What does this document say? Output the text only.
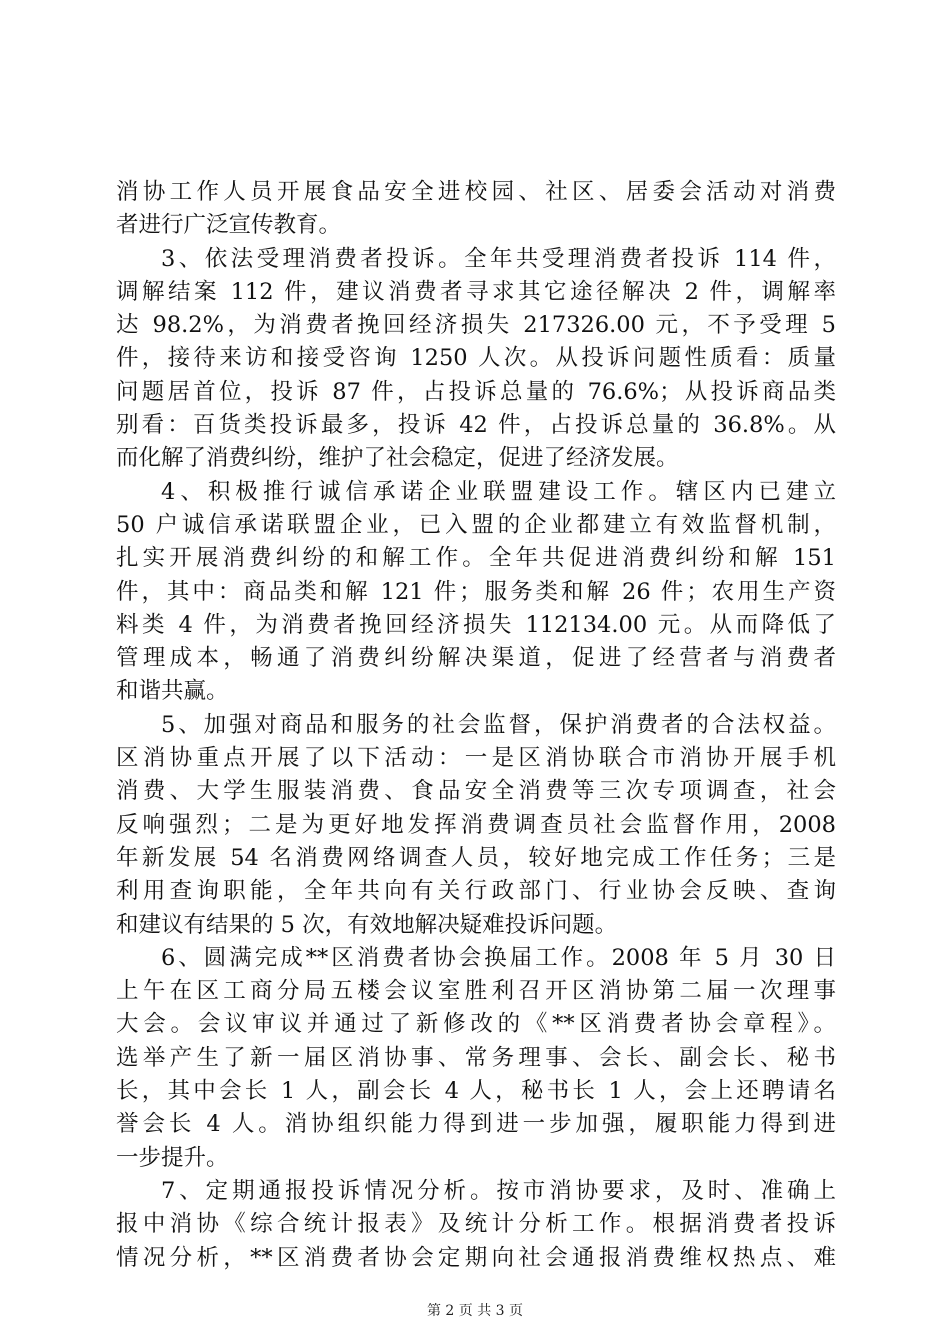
消协工作人员开展食品安全进校园、社区、居委会活动对消费
者进行广泛宣传教育。
3、依法受理消费者投诉。全年共受理消费者投诉 114 件，
调解结案 112 件，建议消费者寻求其它途径解决 2 件，调解率
达 98.2%，为消费者挽回经济损失 217326.00 元，不予受理 5
件，接待来访和接受咨询 1250 人次。从投诉问题性质看：质量
问题居首位，投诉 87 件，占投诉总量的 76.6%；从投诉商品类
别看：百货类投诉最多，投诉 42 件，占投诉总量的 36.8%。从
而化解了消费纠纷，维护了社会稳定，促进了经济发展。
4、积极推行诚信承诺企业联盟建设工作。辖区内已建立
50 户诚信承诺联盟企业，已入盟的企业都建立有效监督机制，
扎实开展消费纠纷的和解工作。全年共促进消费纠纷和解 151
件，其中：商品类和解 121 件；服务类和解 26 件；农用生产资
料类 4 件，为消费者挽回经济损失 112134.00 元。从而降低了
管理成本，畅通了消费纠纷解决渠道，促进了经营者与消费者
和谐共赢。
5、加强对商品和服务的社会监督，保护消费者的合法权益。
区消协重点开展了以下活动：一是区消协联合市消协开展手机
消费、大学生服装消费、食品安全消费等三次专项调查，社会
反响强烈；二是为更好地发挥消费调查员社会监督作用，2008
年新发展 54 名消费网络调查人员，较好地完成工作任务；三是
利用查询职能，全年共向有关行政部门、行业协会反映、查询
和建议有结果的 5 次，有效地解决疑难投诉问题。
6、圆满完成**区消费者协会换届工作。2008 年 5 月 30 日
上午在区工商分局五楼会议室胜利召开区消协第二届一次理事
大会。会议审议并通过了新修改的《**区消费者协会章程》。
选举产生了新一届区消协事、常务理事、会长、副会长、秘书
长，其中会长 1 人，副会长 4 人，秘书长 1 人，会上还聘请名
誉会长 4 人。消协组织能力得到进一步加强，履职能力得到进
一步提升。
7、定期通报投诉情况分析。按市消协要求，及时、准确上
报中消协《综合统计报表》及统计分析工作。根据消费者投诉
情况分析，**区消费者协会定期向社会通报消费维权热点、难
第 2 页 共 3 页
